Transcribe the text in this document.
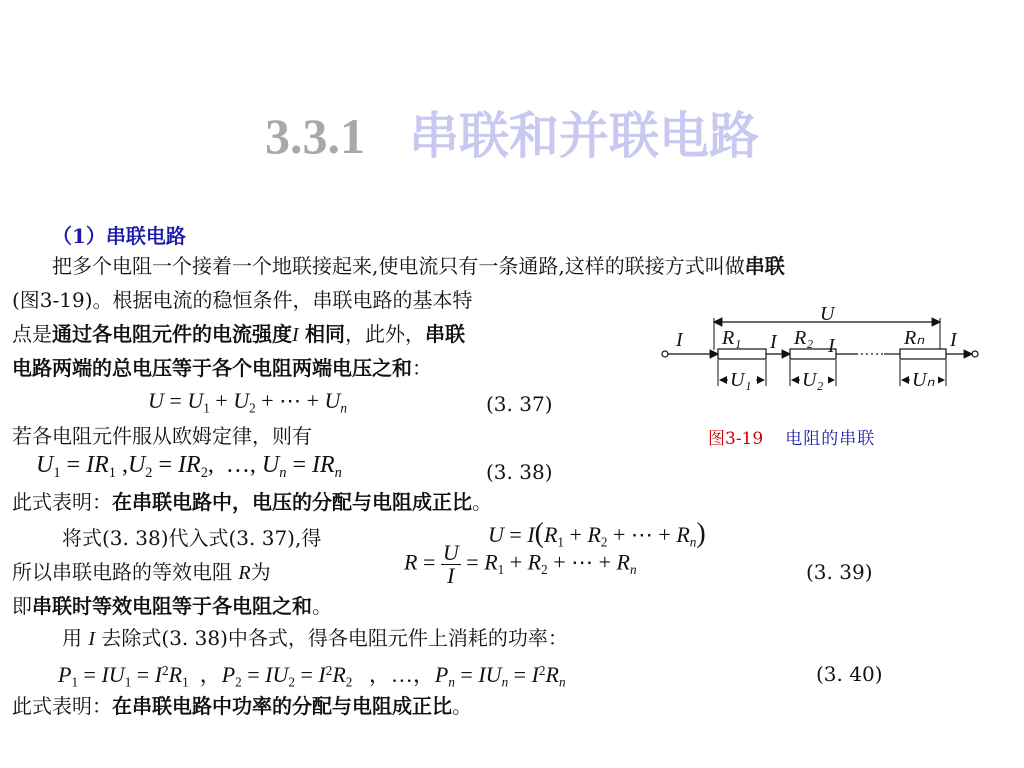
3.3.1 串联和并联电路
（1）串联电路
把多个电阻一个接着一个地联接起来,使电流只有一条通路,这样的联接方式叫做串联
(图3-19)。根据电流的稳恒条件，串联电路的基本特
点是通过各电阻元件的电流强度I 相同，此外，串联
电路两端的总电压等于各个电阻两端电压之和：
$U = U_1 + U_2$ + ⋯ + $U_n$	(3. 37)
若各电阻元件服从欧姆定律，则有
$U_1 = IR_1$ $,U_2 = IR_2$,  …, $U_n = IR_n$	(3. 38)
此式表明：在串联电路中，电压的分配与电阻成正比。
将式(3. 38)代入式(3. 37),得	$U = I(R_1 + R_2$ + ⋯ + $R_n$)
所以串联电路的等效电阻 R为	$R = \frac{U}{I} = R_1 + R_2$ + ⋯ + $R_n$	(3. 39)
即串联时等效电阻等于各电阻之和。
用 I 去除式(3. 38)中各式，得各电阻元件上消耗的功率：
$P_1 = IU_1 = I^2R_1$  ，$P_2 = IU_2 = I^2R_2$   ，…，$P_n = IU_n = I^2R_n$	(3. 40)
此式表明：在串联电路中功率的分配与电阻成正比。
U
I R₁ I R₂ I	Rₙ I
U₁	U₂	Uₙ
图3-19 电阻的串联
